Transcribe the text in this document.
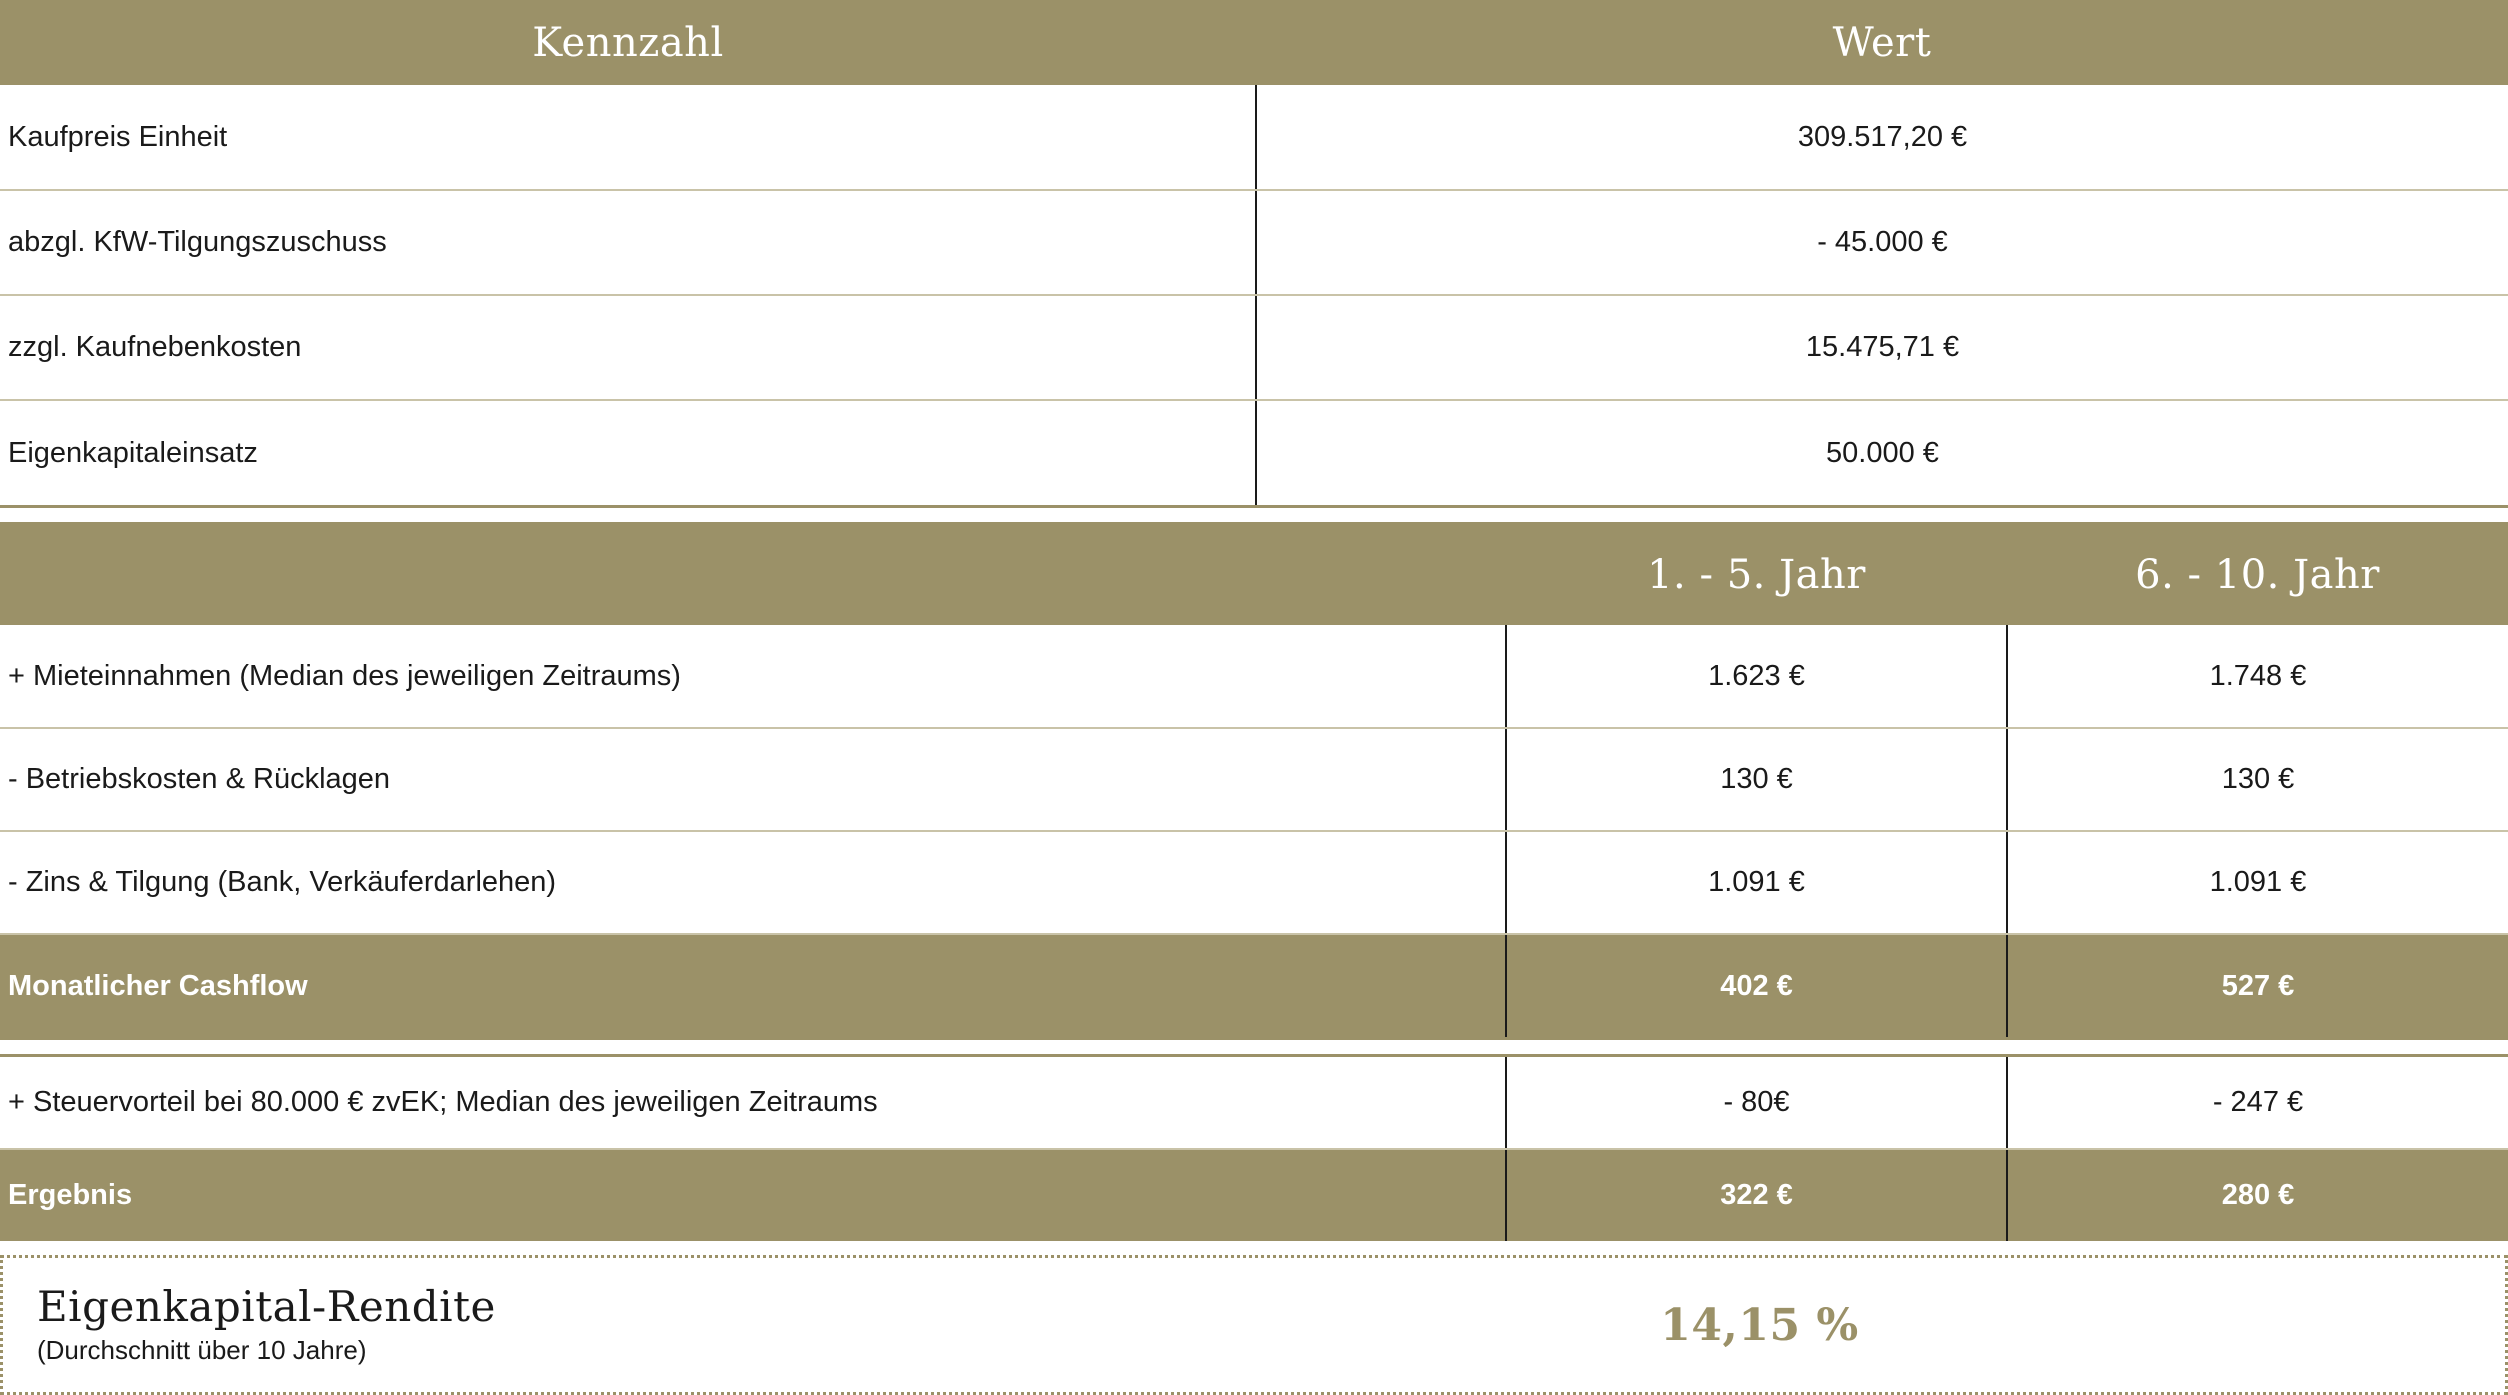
Kennzahl	Wert
Kaufpreis Einheit	309.517,20 €
abzgl. KfW-Tilgungszuschuss	- 45.000 €
zzgl. Kaufnebenkosten	15.475,71 €
Eigenkapitaleinsatz	50.000 €
	1. - 5. Jahr	6. - 10. Jahr
+ Mieteinnahmen (Median des jeweiligen Zeitraums)	1.623 €	1.748 €
- Betriebskosten & Rücklagen	130 €	130 €
- Zins & Tilgung (Bank, Verkäuferdarlehen)	1.091 €	1.091 €
Monatlicher Cashflow	402 €	527 €
+ Steuervorteil bei 80.000 € zvEK; Median des jeweiligen Zeitraums	- 80€	- 247 €
Ergebnis	322 €	280 €
Eigenkapital-Rendite
(Durchschnitt über 10 Jahre)	14,15 %
